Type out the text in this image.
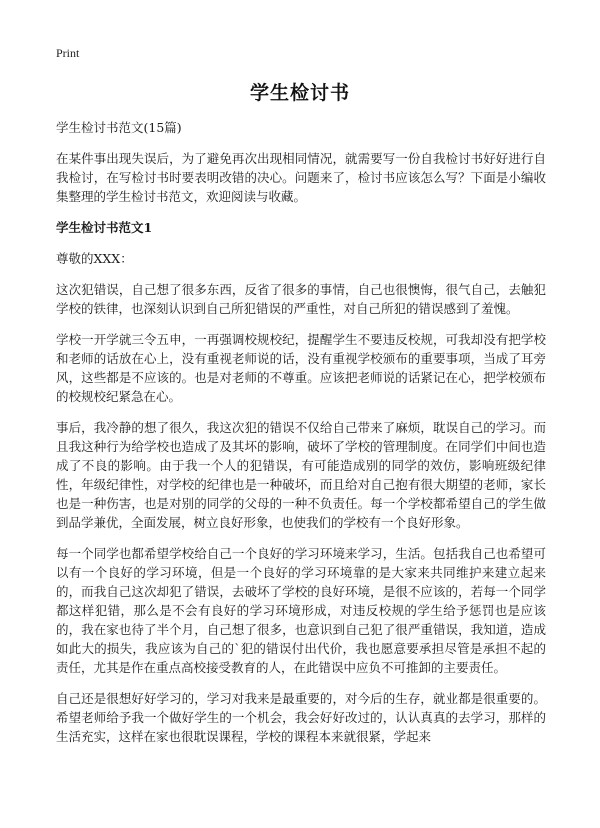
Print
学生检讨书

学生检讨书范文(15篇)

在某件事出现失误后，为了避免再次出现相同情况，就需要写一份自我检讨书好好进行自我检讨，在写检讨书时要表明改错的决心。问题来了，检讨书应该怎么写？下面是小编收集整理的学生检讨书范文，欢迎阅读与收藏。

学生检讨书范文1

尊敬的XXX：

这次犯错误，自己想了很多东西，反省了很多的事情，自己也很懊悔，很气自己，去触犯学校的铁律，也深刻认识到自己所犯错误的严重性，对自己所犯的错误感到了羞愧。

学校一开学就三令五申，一再强调校规校纪，提醒学生不要违反校规，可我却没有把学校和老师的话放在心上，没有重视老师说的话，没有重视学校颁布的重要事项，当成了耳旁风，这些都是不应该的。也是对老师的不尊重。应该把老师说的话紧记在心，把学校颁布的校规校纪紧急在心。

事后，我冷静的想了很久，我这次犯的错误不仅给自己带来了麻烦，耽误自己的学习。而且我这种行为给学校也造成了及其坏的影响，破坏了学校的管理制度。在同学们中间也造成了不良的影响。由于我一个人的犯错误，有可能造成别的同学的效仿，影响班级纪律性，年级纪律性，对学校的纪律也是一种破坏，而且给对自己抱有很大期望的老师，家长也是一种伤害，也是对别的同学的父母的一种不负责任。每一个学校都希望自己的学生做到品学兼优，全面发展，树立良好形象，也使我们的学校有一个良好形象。

每一个同学也都希望学校给自己一个良好的学习环境来学习，生活。包括我自己也希望可以有一个良好的学习环境，但是一个良好的学习环境靠的是大家来共同维护来建立起来的，而我自己这次却犯了错误，去破坏了学校的良好环境，是很不应该的，若每一个同学都这样犯错，那么是不会有良好的学习环境形成，对违反校规的学生给予惩罚也是应该的，我在家也待了半个月，自己想了很多，也意识到自己犯了很严重错误，我知道，造成如此大的损失，我应该为自己的`犯的错误付出代价，我也愿意要承担尽管是承担不起的责任，尤其是作在重点高校接受教育的人，在此错误中应负不可推卸的主要责任。

自己还是很想好好学习的，学习对我来是最重要的，对今后的生存，就业都是很重要的。希望老师给予我一个做好学生的一个机会，我会好好改过的，认认真真的去学习，那样的生活充实，这样在家也很耽误课程，学校的课程本来就很紧，学起来
